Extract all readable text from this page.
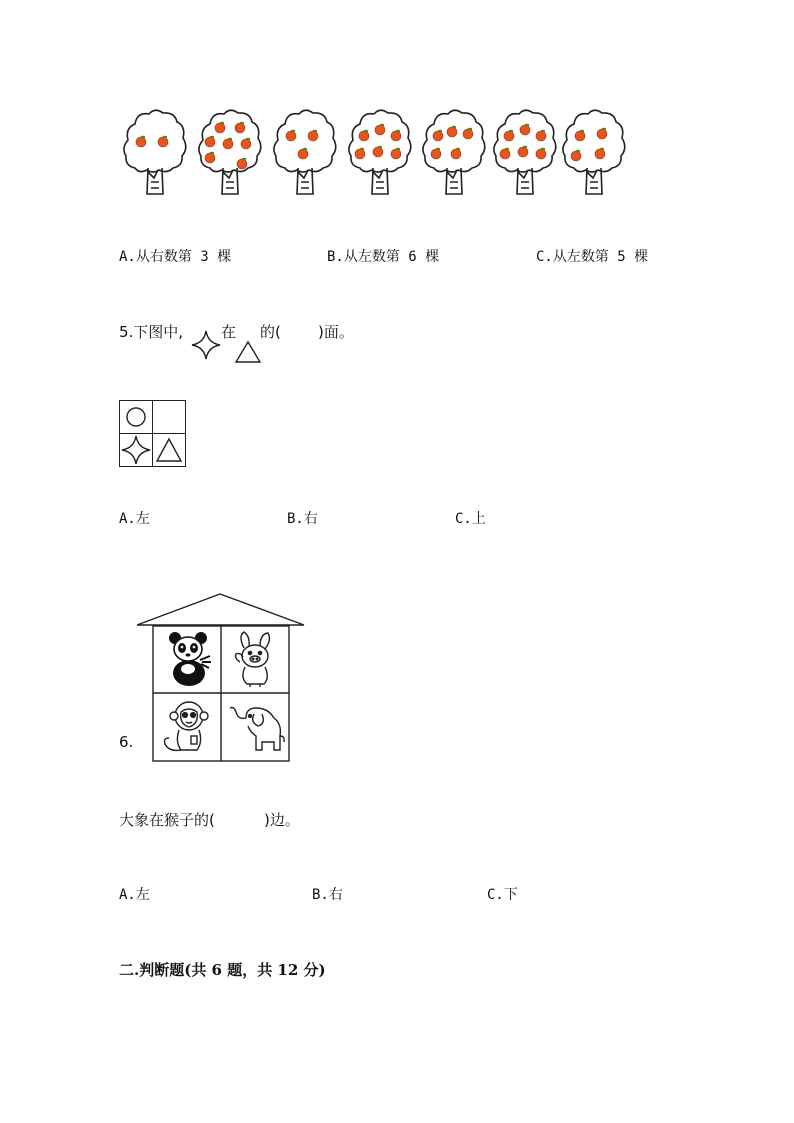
A.从右数第 3 棵	B.从左数第 6 棵	C.从左数第 5 棵
5.下图中,	在 的( )面。
A.左	B.右	C.上
6.
大象在猴子的(	)边。
A.左	B.右	C.下
二.判断题(共 6 题，共 12 分)
